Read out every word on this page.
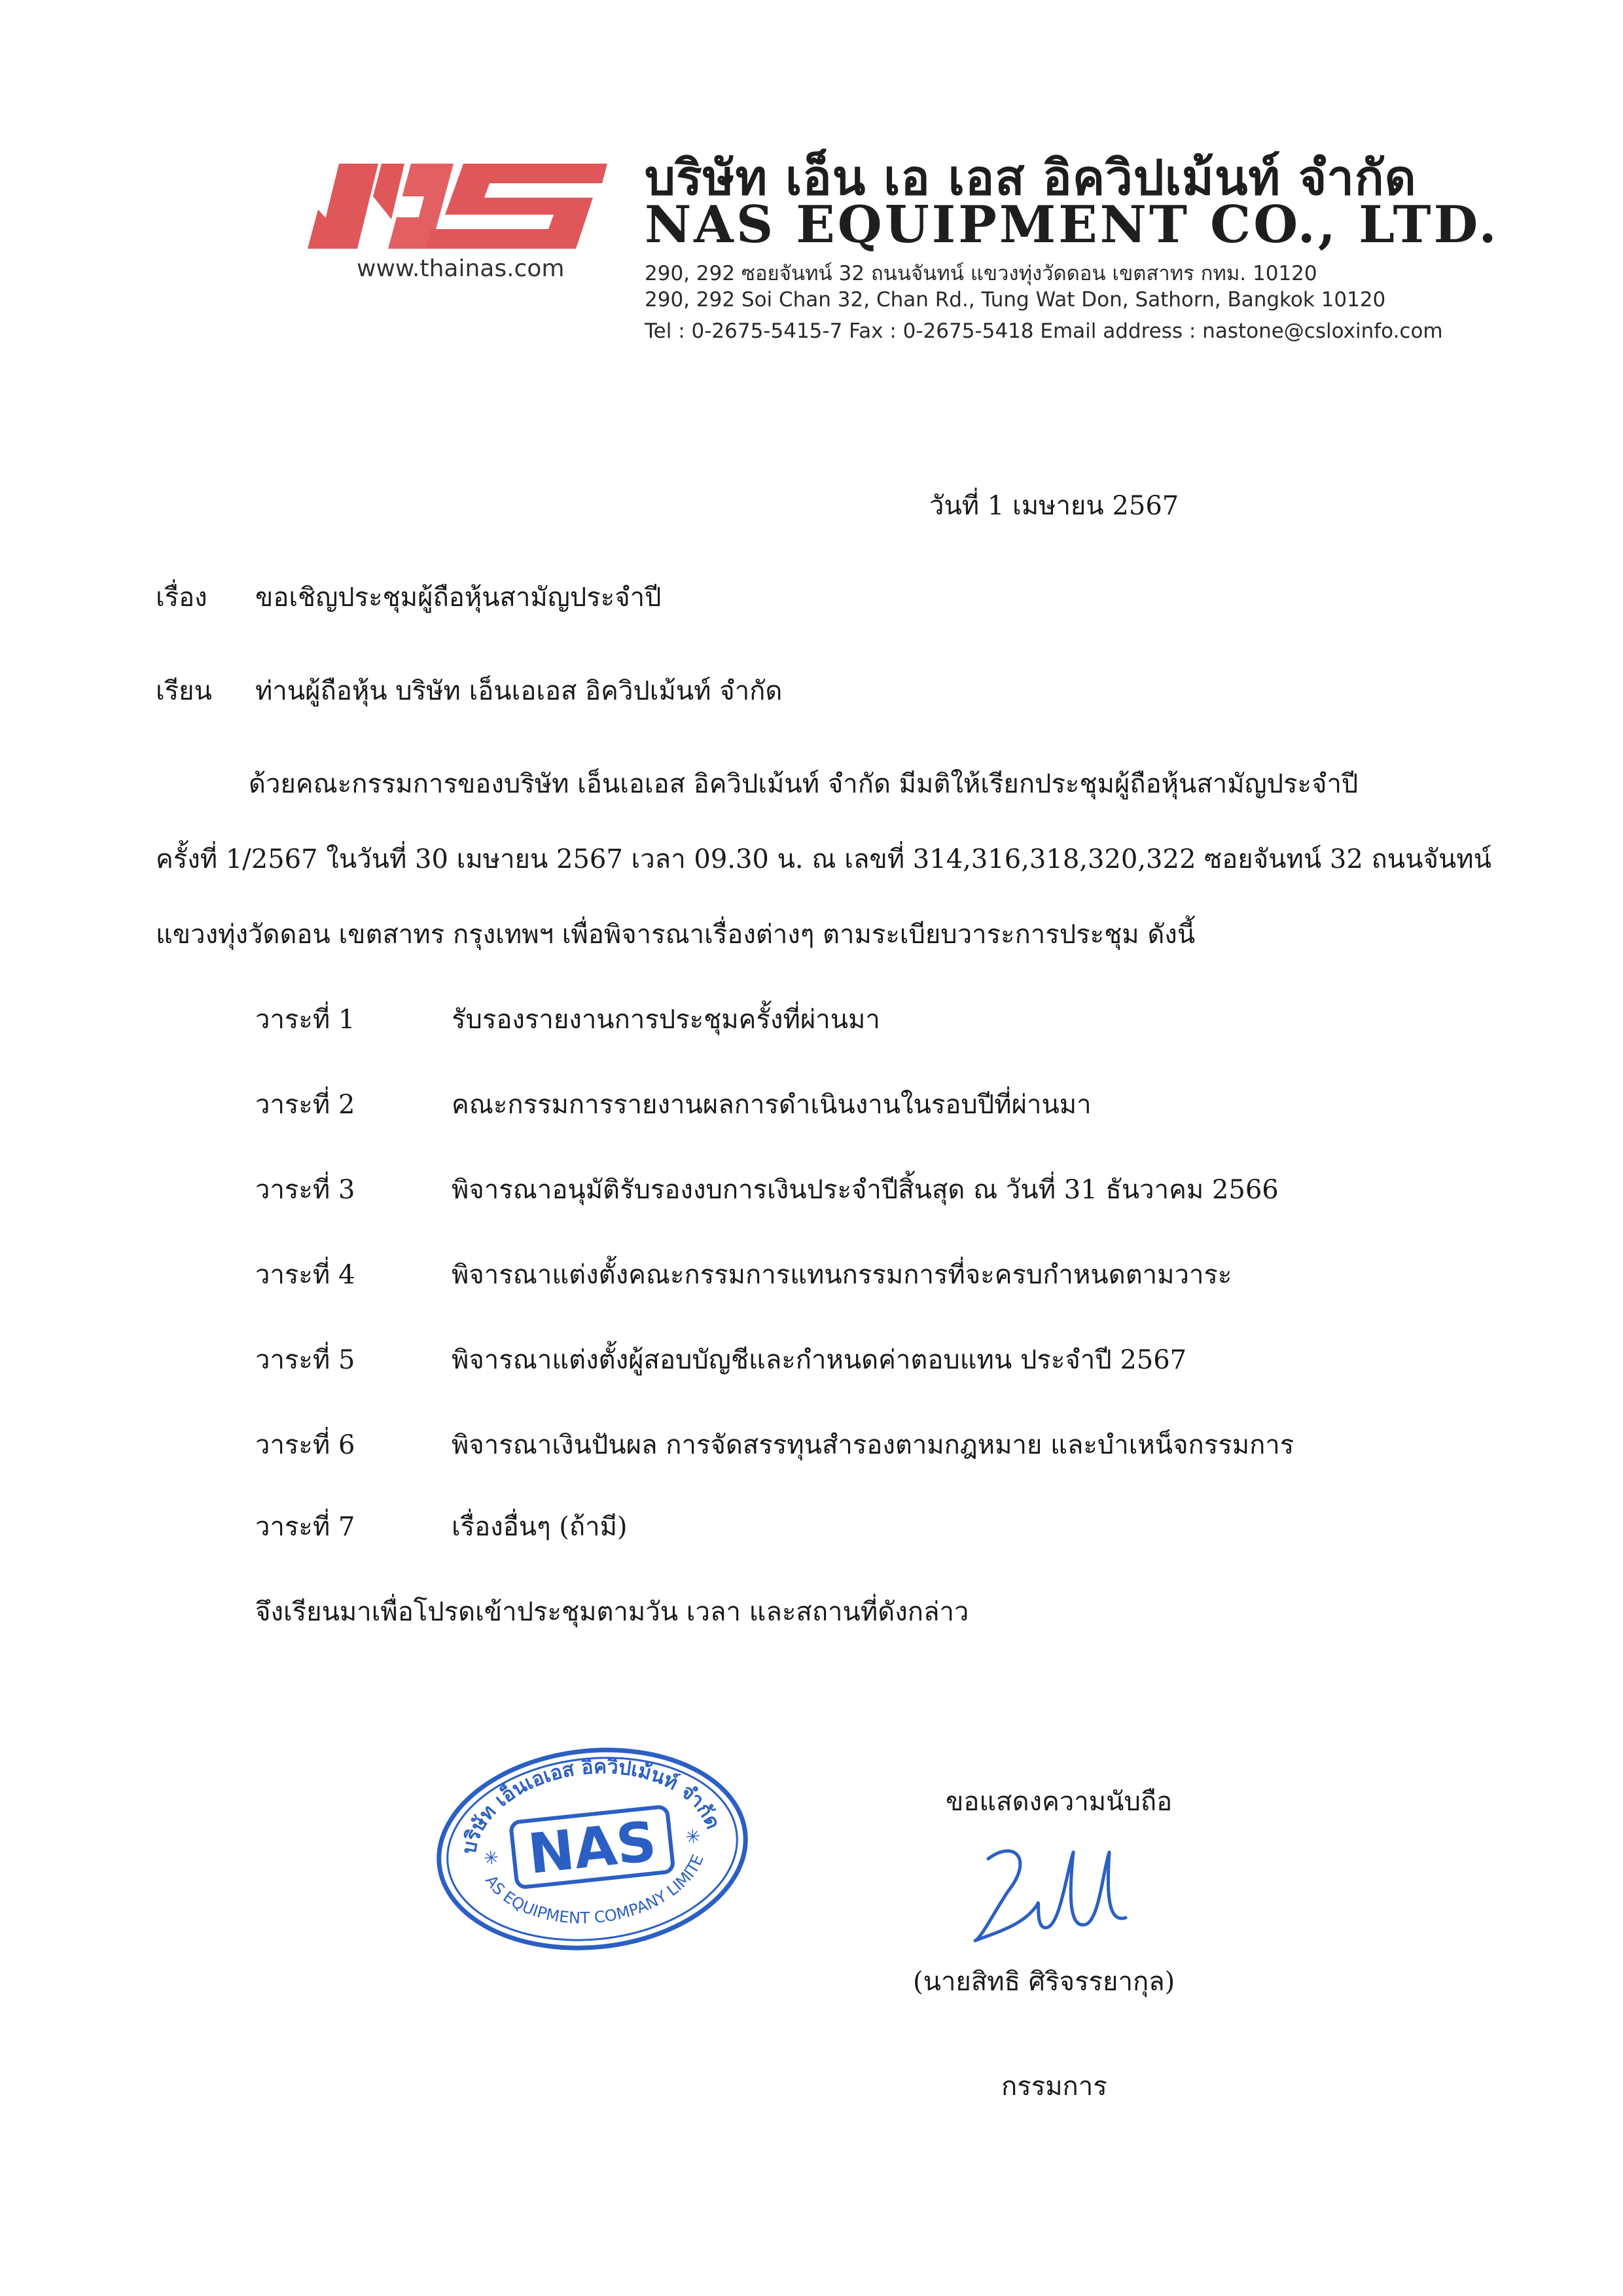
www.thainas.com
บริษัท เอ็น เอ เอส อิควิปเม้นท์ จำกัด
NAS EQUIPMENT CO., LTD.
290, 292 ซอยจันทน์ 32 ถนนจันทน์ แขวงทุ่งวัดดอน เขตสาทร กทม. 10120
290, 292 Soi Chan 32, Chan Rd., Tung Wat Don, Sathorn, Bangkok 10120
Tel : 0-2675-5415-7 Fax : 0-2675-5418 Email address : nastone@csloxinfo.com
วันที่ 1 เมษายน 2567
เรื่อง ขอเชิญประชุมผู้ถือหุ้นสามัญประจำปี
เรียน ท่านผู้ถือหุ้น บริษัท เอ็นเอเอส อิควิปเม้นท์ จำกัด
ด้วยคณะกรรมการของบริษัท เอ็นเอเอส อิควิปเม้นท์ จำกัด มีมติให้เรียกประชุมผู้ถือหุ้นสามัญประจำปี
ครั้งที่ 1/2567 ในวันที่ 30 เมษายน 2567 เวลา 09.30 น. ณ เลขที่ 314,316,318,320,322 ซอยจันทน์ 32 ถนนจันทน์
แขวงทุ่งวัดดอน เขตสาทร กรุงเทพฯ เพื่อพิจารณาเรื่องต่างๆ ตามระเบียบวาระการประชุม ดังนี้
วาระที่ 1	รับรองรายงานการประชุมครั้งที่ผ่านมา
วาระที่ 2	คณะกรรมการรายงานผลการดำเนินงานในรอบปีที่ผ่านมา
วาระที่ 3	พิจารณาอนุมัติรับรองงบการเงินประจำปีสิ้นสุด ณ วันที่ 31 ธันวาคม 2566
วาระที่ 4	พิจารณาแต่งตั้งคณะกรรมการแทนกรรมการที่จะครบกำหนดตามวาระ
วาระที่ 5	พิจารณาแต่งตั้งผู้สอบบัญชีและกำหนดค่าตอบแทน ประจำปี 2567
วาระที่ 6	พิจารณาเงินปันผล การจัดสรรทุนสำรองตามกฎหมาย และบำเหน็จกรรมการ
วาระที่ 7	เรื่องอื่นๆ (ถ้ามี)
จึงเรียนมาเพื่อโปรดเข้าประชุมตามวัน เวลา และสถานที่ดังกล่าว
บริษัท เอ็นเอเอส อิควิปเม้นท์ จำกัด
NAS
✳
✳
NAS EQUIPMENT COMPANY LIMITED
ขอแสดงความนับถือ
(นายสิทธิ ศิริจรรยากุล)
กรรมการ
